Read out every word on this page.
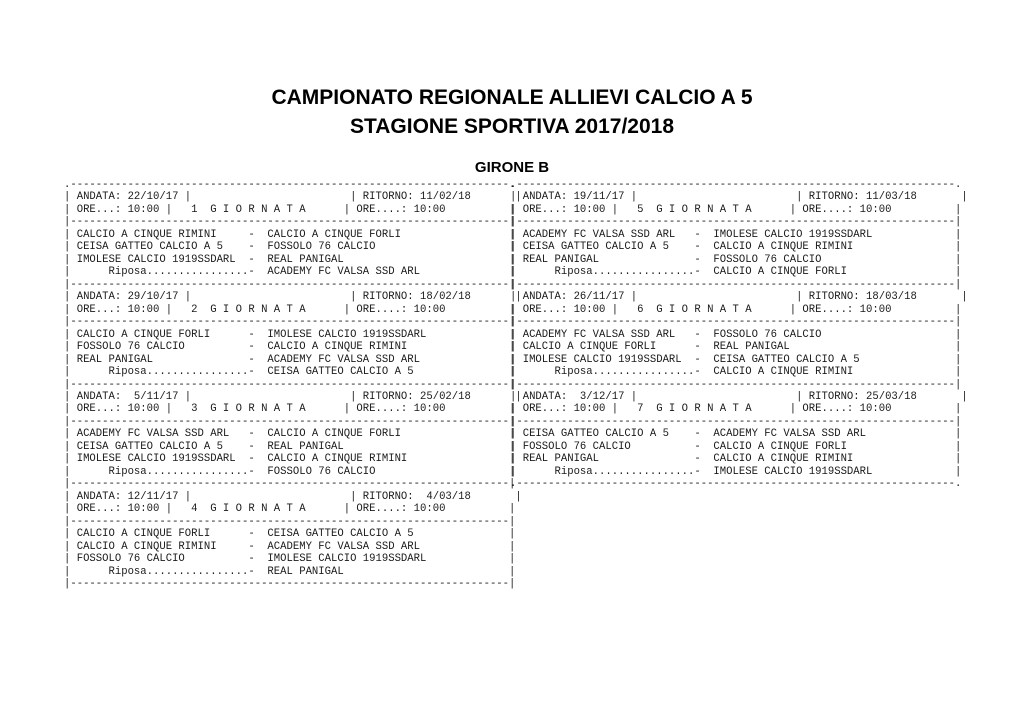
CAMPIONATO REGIONALE ALLIEVI CALCIO A 5
STAGIONE SPORTIVA 2017/2018
GIRONE B
.---------------------------------------------------------------------.
| ANDATA: 22/10/17 |                         | RITORNO: 11/02/18       |
| ORE...: 10:00 |   1  G I O R N A T A      | ORE....: 10:00          |
|---------------------------------------------------------------------|
| CALCIO A CINQUE RIMINI     -  CALCIO A CINQUE FORLI                 |
| CEISA GATTEO CALCIO A 5    -  FOSSOLO 76 CALCIO                     |
| IMOLESE CALCIO 1919SSDARL  -  REAL PANIGAL                          |
|      Riposa................-  ACADEMY FC VALSA SSD ARL              |

|---------------------------------------------------------------------|
| ANDATA: 29/10/17 |                         | RITORNO: 18/02/18       |
| ORE...: 10:00 |   2  G I O R N A T A      | ORE....: 10:00          |
|---------------------------------------------------------------------|
| CALCIO A CINQUE FORLI      -  IMOLESE CALCIO 1919SSDARL             |
| FOSSOLO 76 CALCIO          -  CALCIO A CINQUE RIMINI                |
| REAL PANIGAL               -  ACADEMY FC VALSA SSD ARL              |
|      Riposa................-  CEISA GATTEO CALCIO A 5               |

|---------------------------------------------------------------------|
| ANDATA:  5/11/17 |                         | RITORNO: 25/02/18       |
| ORE...: 10:00 |   3  G I O R N A T A      | ORE....: 10:00          |
|---------------------------------------------------------------------|
| ACADEMY FC VALSA SSD ARL   -  CALCIO A CINQUE FORLI                 |
| CEISA GATTEO CALCIO A 5    -  REAL PANIGAL                          |
| IMOLESE CALCIO 1919SSDARL  -  CALCIO A CINQUE RIMINI                |
|      Riposa................-  FOSSOLO 76 CALCIO                     |

|---------------------------------------------------------------------|
| ANDATA: 12/11/17 |                         | RITORNO:  4/03/18       |
| ORE...: 10:00 |   4  G I O R N A T A      | ORE....: 10:00          |
|---------------------------------------------------------------------|
| CALCIO A CINQUE FORLI      -  CEISA GATTEO CALCIO A 5               |
| CALCIO A CINQUE RIMINI     -  ACADEMY FC VALSA SSD ARL              |
| FOSSOLO 76 CALCIO          -  IMOLESE CALCIO 1919SSDARL             |
|      Riposa................-  REAL PANIGAL                          |
|---------------------------------------------------------------------|

.---------------------------------------------------------------------.
| ANDATA: 19/11/17 |                         | RITORNO: 11/03/18       |
| ORE...: 10:00 |   5  G I O R N A T A      | ORE....: 10:00          |
|---------------------------------------------------------------------|
| ACADEMY FC VALSA SSD ARL   -  IMOLESE CALCIO 1919SSDARL             |
| CEISA GATTEO CALCIO A 5    -  CALCIO A CINQUE RIMINI                |
| REAL PANIGAL               -  FOSSOLO 76 CALCIO                     |
|      Riposa................-  CALCIO A CINQUE FORLI                 |

|---------------------------------------------------------------------|
| ANDATA: 26/11/17 |                         | RITORNO: 18/03/18       |
| ORE...: 10:00 |   6  G I O R N A T A      | ORE....: 10:00          |
|---------------------------------------------------------------------|
| ACADEMY FC VALSA SSD ARL   -  FOSSOLO 76 CALCIO                     |
| CALCIO A CINQUE FORLI      -  REAL PANIGAL                          |
| IMOLESE CALCIO 1919SSDARL  -  CEISA GATTEO CALCIO A 5               |
|      Riposa................-  CALCIO A CINQUE RIMINI                |

|---------------------------------------------------------------------|
| ANDATA:  3/12/17 |                         | RITORNO: 25/03/18       |
| ORE...: 10:00 |   7  G I O R N A T A      | ORE....: 10:00          |
|---------------------------------------------------------------------|
| CEISA GATTEO CALCIO A 5    -  ACADEMY FC VALSA SSD ARL              |
| FOSSOLO 76 CALCIO          -  CALCIO A CINQUE FORLI                 |
| REAL PANIGAL               -  CALCIO A CINQUE RIMINI                |
|      Riposa................-  IMOLESE CALCIO 1919SSDARL             |
.---------------------------------------------------------------------.
